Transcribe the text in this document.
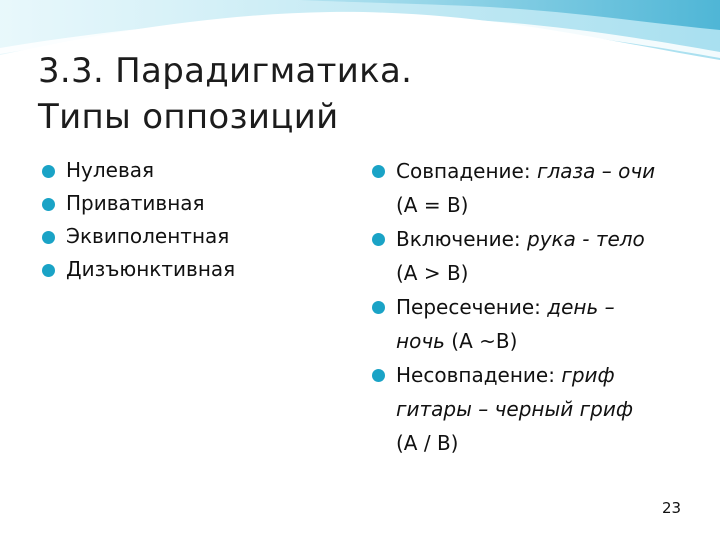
3.3. Парадигматика.
Типы оппозиций
Нулевая
Привативная
Эквиполентная
Дизъюнктивная
Совпадение: глаза – очи
(А = В)
Включение: рука - тело
(А > В)
Пересечение: день –
ночь (А ~В)
Несовпадение: гриф
гитары – черный гриф
(А / В)
23
